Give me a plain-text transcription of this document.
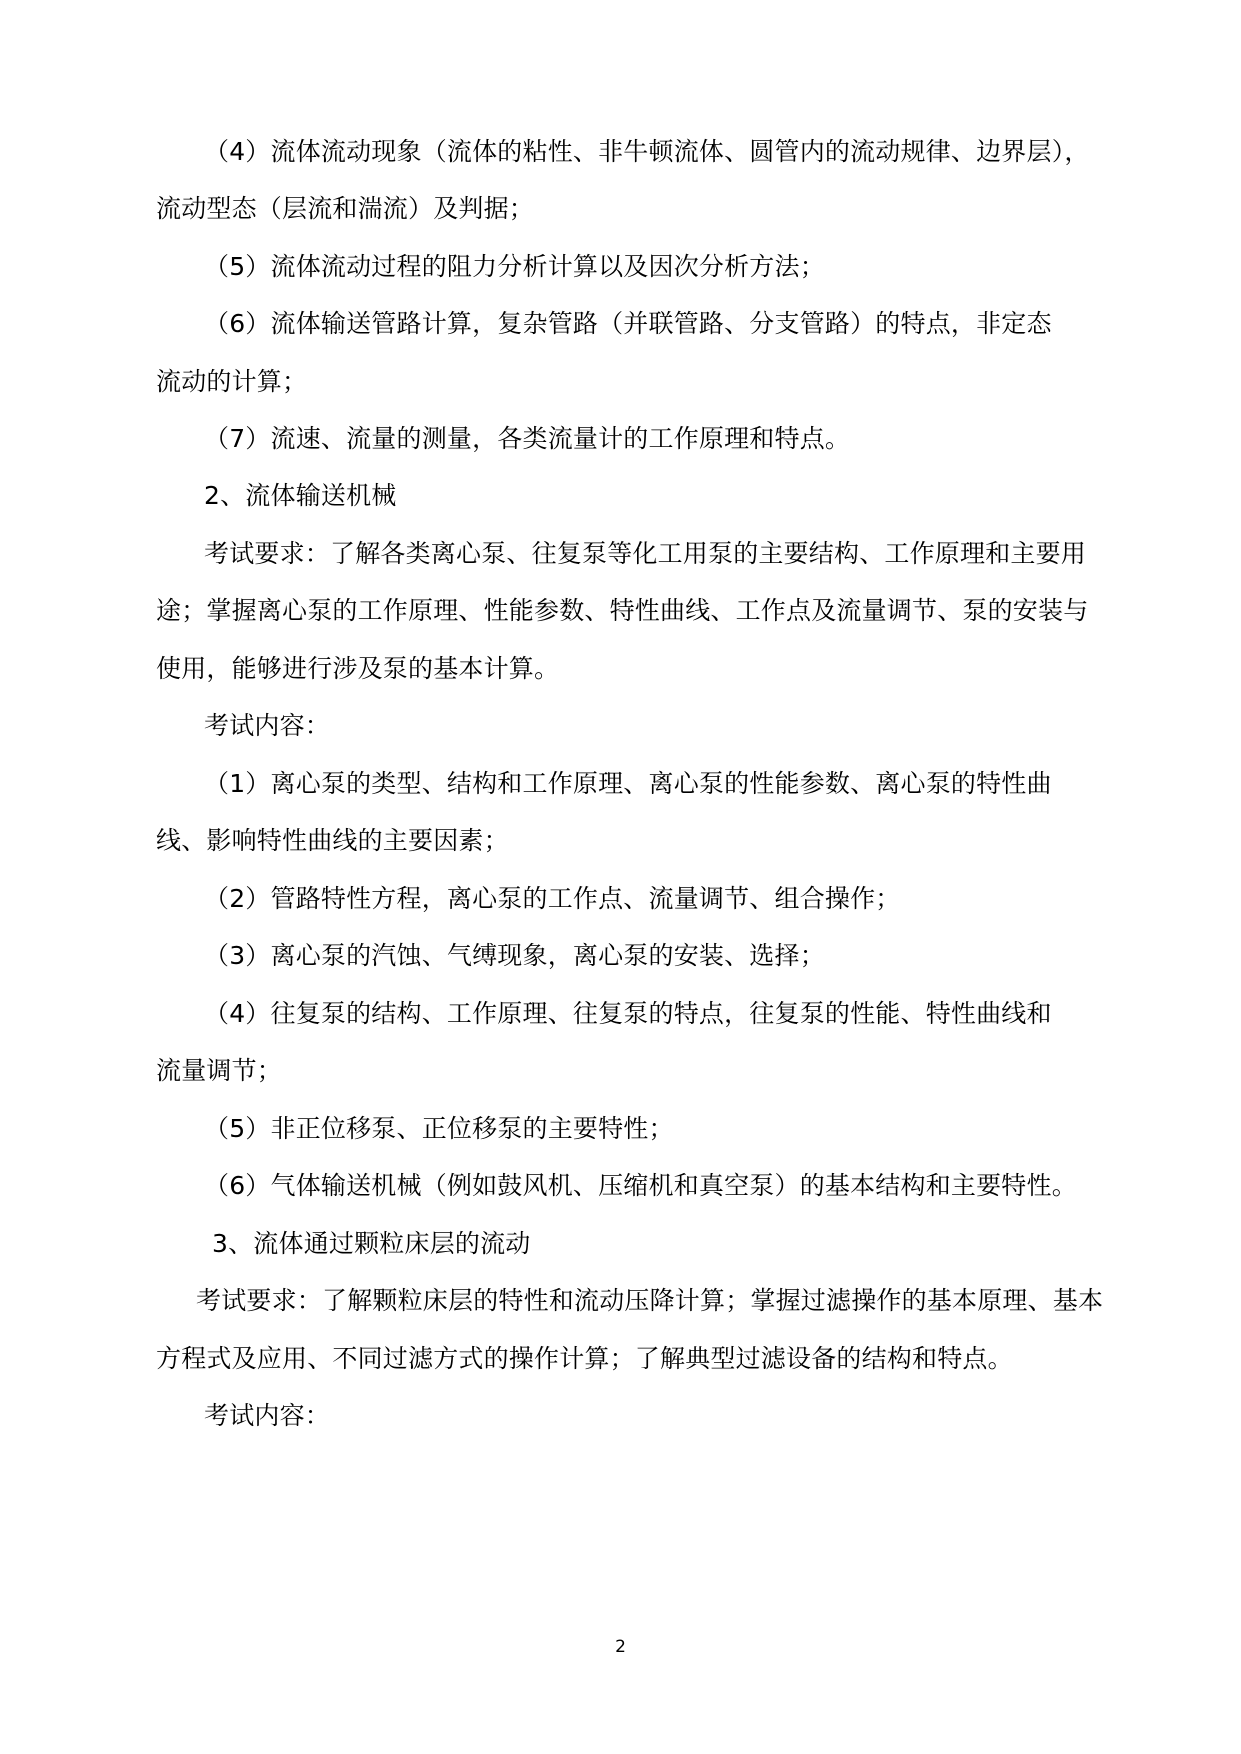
（4）流体流动现象（流体的粘性、非牛顿流体、圆管内的流动规律、边界层），
流动型态（层流和湍流）及判据；
（5）流体流动过程的阻力分析计算以及因次分析方法；
（6）流体输送管路计算，复杂管路（并联管路、分支管路）的特点，非定态
流动的计算；
（7）流速、流量的测量，各类流量计的工作原理和特点。
2、流体输送机械
考试要求：了解各类离心泵、往复泵等化工用泵的主要结构、工作原理和主要用
途；掌握离心泵的工作原理、性能参数、特性曲线、工作点及流量调节、泵的安装与
使用，能够进行涉及泵的基本计算。
考试内容：
（1）离心泵的类型、结构和工作原理、离心泵的性能参数、离心泵的特性曲
线、影响特性曲线的主要因素；
（2）管路特性方程，离心泵的工作点、流量调节、组合操作；
（3）离心泵的汽蚀、气缚现象，离心泵的安装、选择；
（4）往复泵的结构、工作原理、往复泵的特点，往复泵的性能、特性曲线和
流量调节；
（5）非正位移泵、正位移泵的主要特性；
（6）气体输送机械（例如鼓风机、压缩机和真空泵）的基本结构和主要特性。
3、流体通过颗粒床层的流动
考试要求：了解颗粒床层的特性和流动压降计算；掌握过滤操作的基本原理、基本
方程式及应用、不同过滤方式的操作计算；了解典型过滤设备的结构和特点。
考试内容：
2
